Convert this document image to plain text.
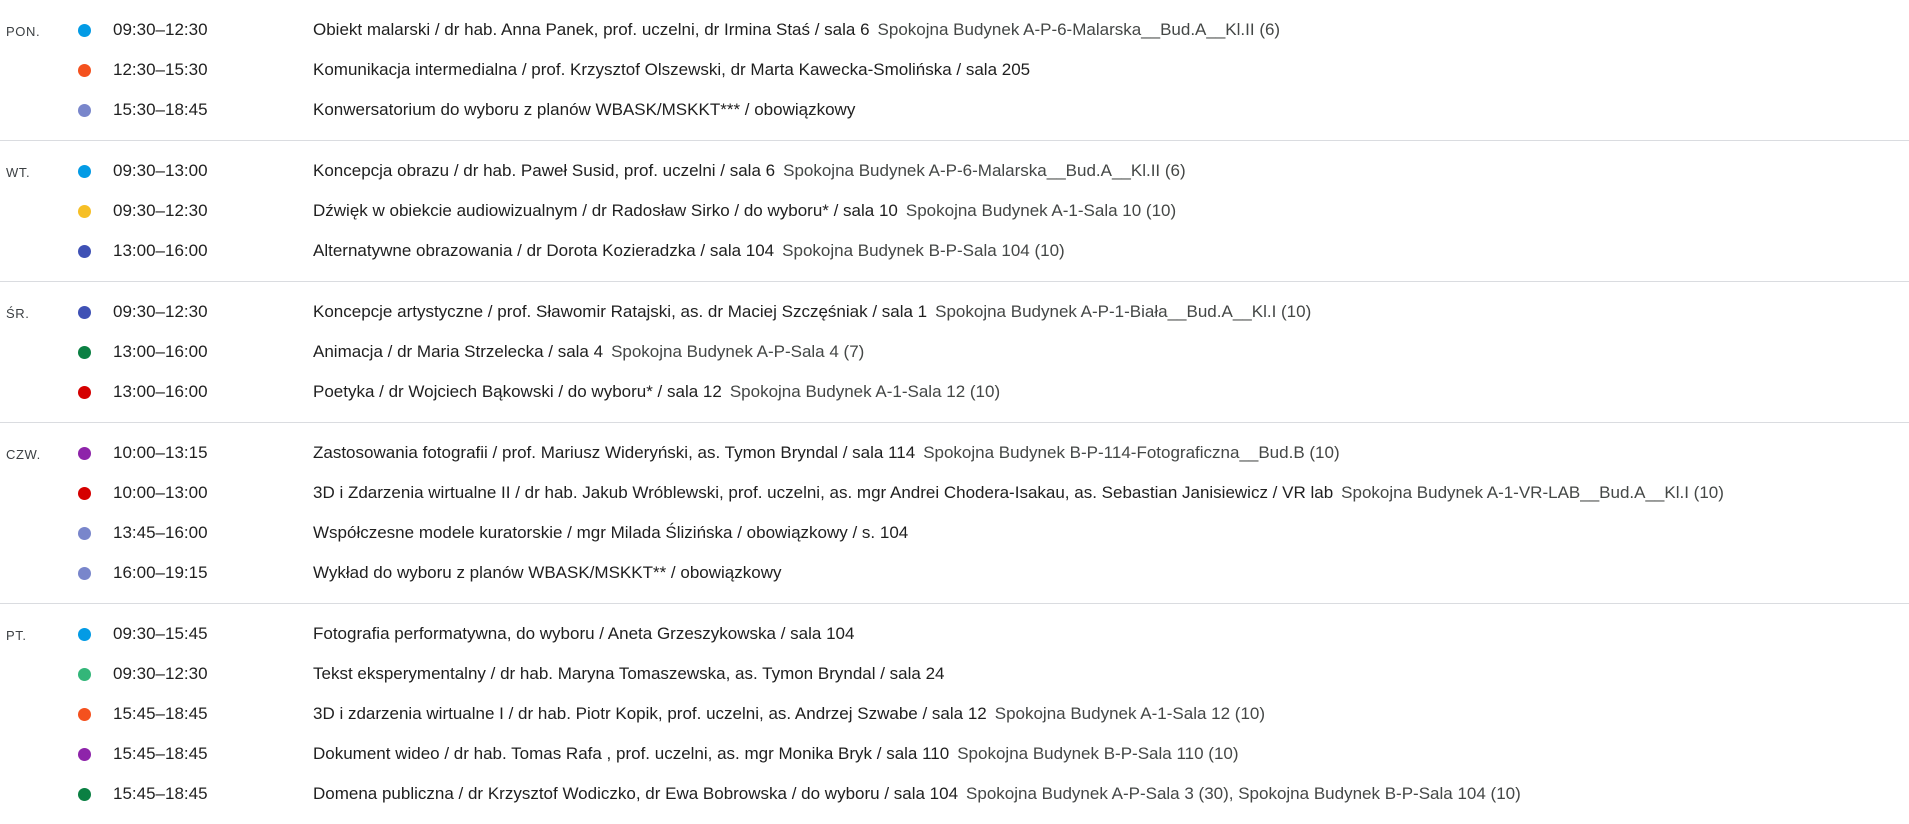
PON.	09:30–12:30	Obiekt malarski / dr hab. Anna Panek, prof. uczelni, dr Irmina Staś / sala 6 Spokojna Budynek A-P-6-Malarska__Bud.A__Kl.II (6)
12:30–15:30	Komunikacja intermedialna / prof. Krzysztof Olszewski, dr Marta Kawecka-Smolińska / sala 205
15:30–18:45	Konwersatorium do wyboru z planów WBASK/MSKKT*** / obowiązkowy
WT.	09:30–13:00	Koncepcja obrazu / dr hab. Paweł Susid, prof. uczelni / sala 6 Spokojna Budynek A-P-6-Malarska__Bud.A__Kl.II (6)
09:30–12:30	Dźwięk w obiekcie audiowizualnym / dr Radosław Sirko / do wyboru* / sala 10 Spokojna Budynek A-1-Sala 10 (10)
13:00–16:00	Alternatywne obrazowania / dr Dorota Kozieradzka / sala 104 Spokojna Budynek B-P-Sala 104 (10)
ŚR.	09:30–12:30	Koncepcje artystyczne / prof. Sławomir Ratajski, as. dr Maciej Szczęśniak / sala 1 Spokojna Budynek A-P-1-Biała__Bud.A__Kl.I (10)
13:00–16:00	Animacja / dr Maria Strzelecka / sala 4 Spokojna Budynek A-P-Sala 4 (7)
13:00–16:00	Poetyka / dr Wojciech Bąkowski / do wyboru* / sala 12 Spokojna Budynek A-1-Sala 12 (10)
CZW.	10:00–13:15	Zastosowania fotografii / prof. Mariusz Wideryński, as. Tymon Bryndal / sala 114 Spokojna Budynek B-P-114-Fotograficzna__Bud.B (10)
10:00–13:00	3D i Zdarzenia wirtualne II / dr hab. Jakub Wróblewski, prof. uczelni, as. mgr Andrei Chodera-Isakau, as. Sebastian Janisiewicz / VR lab Spokojna Budynek A-1-VR-LAB__Bud.A__Kl.I (10)
13:45–16:00	Współczesne modele kuratorskie / mgr Milada Ślizińska / obowiązkowy / s. 104
16:00–19:15	Wykład do wyboru z planów WBASK/MSKKT** / obowiązkowy
PT.	09:30–15:45	Fotografia performatywna, do wyboru / Aneta Grzeszykowska / sala 104
09:30–12:30	Tekst eksperymentalny / dr hab. Maryna Tomaszewska, as. Tymon Bryndal / sala 24
15:45–18:45	3D i zdarzenia wirtualne I / dr hab. Piotr Kopik, prof. uczelni, as. Andrzej Szwabe / sala 12 Spokojna Budynek A-1-Sala 12 (10)
15:45–18:45	Dokument wideo / dr hab. Tomas Rafa , prof. uczelni, as. mgr Monika Bryk / sala 110 Spokojna Budynek B-P-Sala 110 (10)
15:45–18:45	Domena publiczna / dr Krzysztof Wodiczko, dr Ewa Bobrowska / do wyboru / sala 104 Spokojna Budynek A-P-Sala 3 (30), Spokojna Budynek B-P-Sala 104 (10)
